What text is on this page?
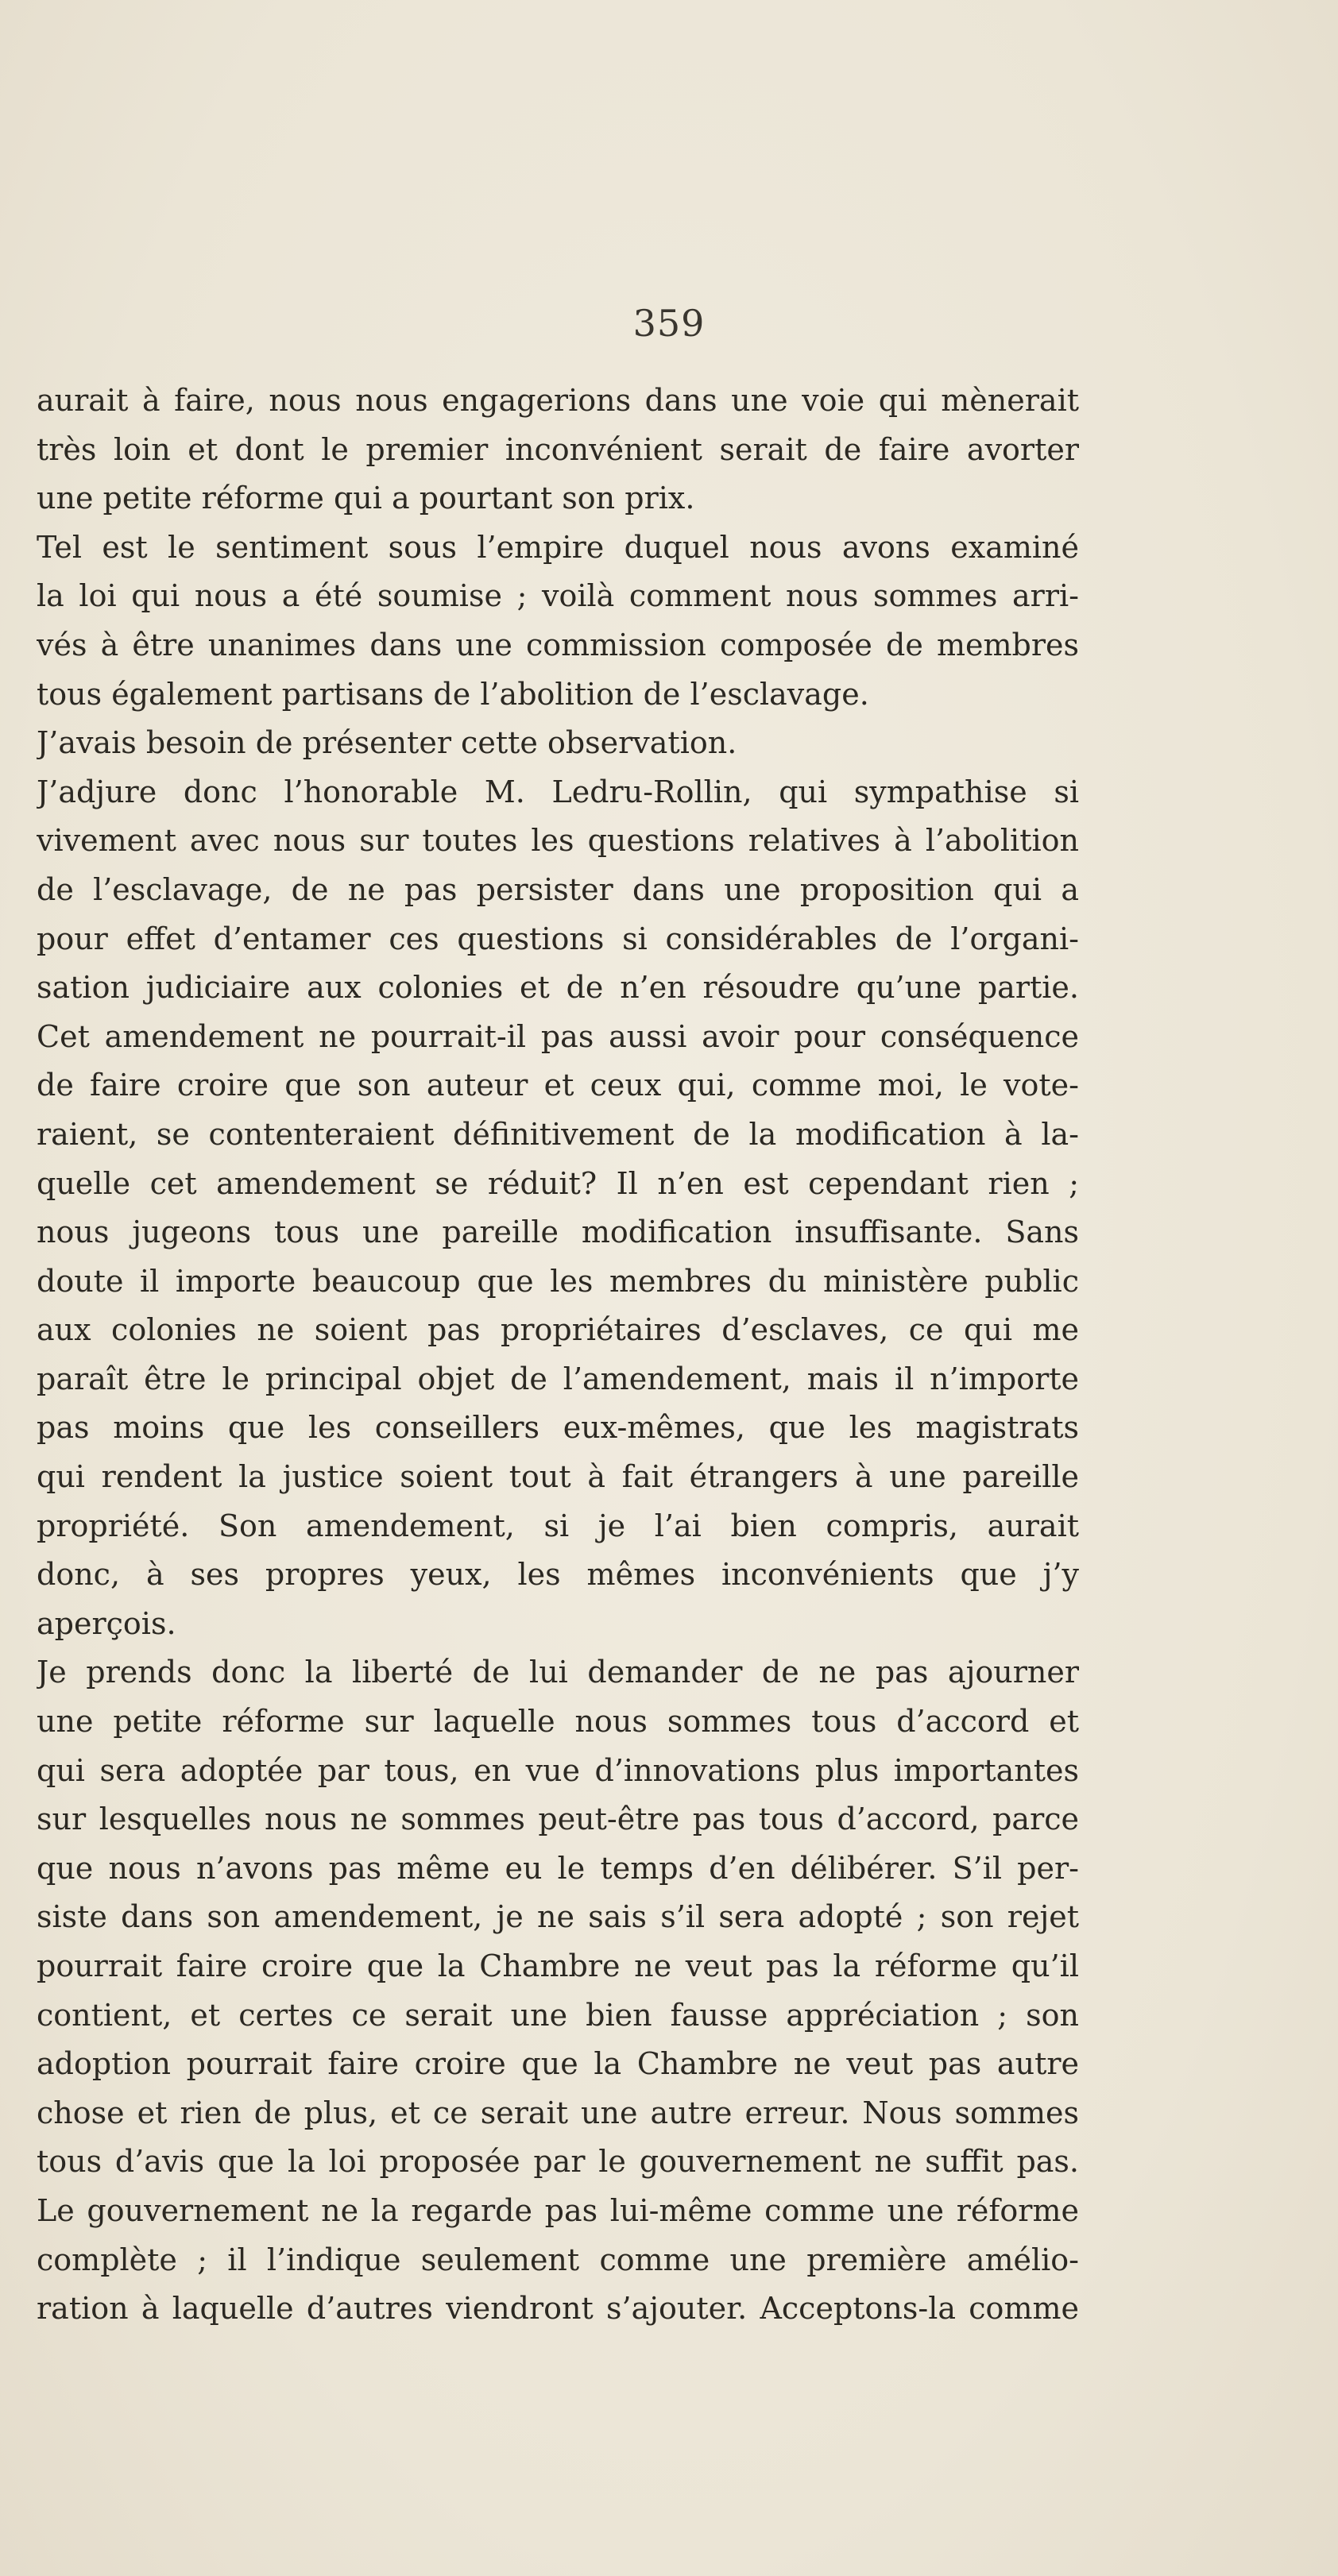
359
aurait à faire, nous nous engagerions dans une voie qui mènerait
très loin et dont le premier inconvénient serait de faire avorter
une petite réforme qui a pourtant son prix.
Tel est le sentiment sous l’empire duquel nous avons examiné
la loi qui nous a été soumise ; voilà comment nous sommes arri-
vés à être unanimes dans une commission composée de membres
tous également partisans de l’abolition de l’esclavage.
J’avais besoin de présenter cette observation.
J’adjure donc l’honorable M. Ledru-Rollin, qui sympathise si
vivement avec nous sur toutes les questions relatives à l’abolition
de l’esclavage, de ne pas persister dans une proposition qui a
pour effet d’entamer ces questions si considérables de l’organi-
sation judiciaire aux colonies et de n’en résoudre qu’une partie.
Cet amendement ne pourrait-il pas aussi avoir pour conséquence
de faire croire que son auteur et ceux qui, comme moi, le vote-
raient, se contenteraient définitivement de la modification à la-
quelle cet amendement se réduit? Il n’en est cependant rien ;
nous jugeons tous une pareille modification insuffisante. Sans
doute il importe beaucoup que les membres du ministère public
aux colonies ne soient pas propriétaires d’esclaves, ce qui me
paraît être le principal objet de l’amendement, mais il n’importe
pas moins que les conseillers eux-mêmes, que les magistrats
qui rendent la justice soient tout à fait étrangers à une pareille
propriété. Son amendement, si je l’ai bien compris, aurait
donc, à ses propres yeux, les mêmes inconvénients que j’y
aperçois.
Je prends donc la liberté de lui demander de ne pas ajourner
une petite réforme sur laquelle nous sommes tous d’accord et
qui sera adoptée par tous, en vue d’innovations plus importantes
sur lesquelles nous ne sommes peut-être pas tous d’accord, parce
que nous n’avons pas même eu le temps d’en délibérer. S’il per-
siste dans son amendement, je ne sais s’il sera adopté ; son rejet
pourrait faire croire que la Chambre ne veut pas la réforme qu’il
contient, et certes ce serait une bien fausse appréciation ; son
adoption pourrait faire croire que la Chambre ne veut pas autre
chose et rien de plus, et ce serait une autre erreur. Nous sommes
tous d’avis que la loi proposée par le gouvernement ne suffit pas.
Le gouvernement ne la regarde pas lui-même comme une réforme
complète ; il l’indique seulement comme une première amélio-
ration à laquelle d’autres viendront s’ajouter. Acceptons-la comme
